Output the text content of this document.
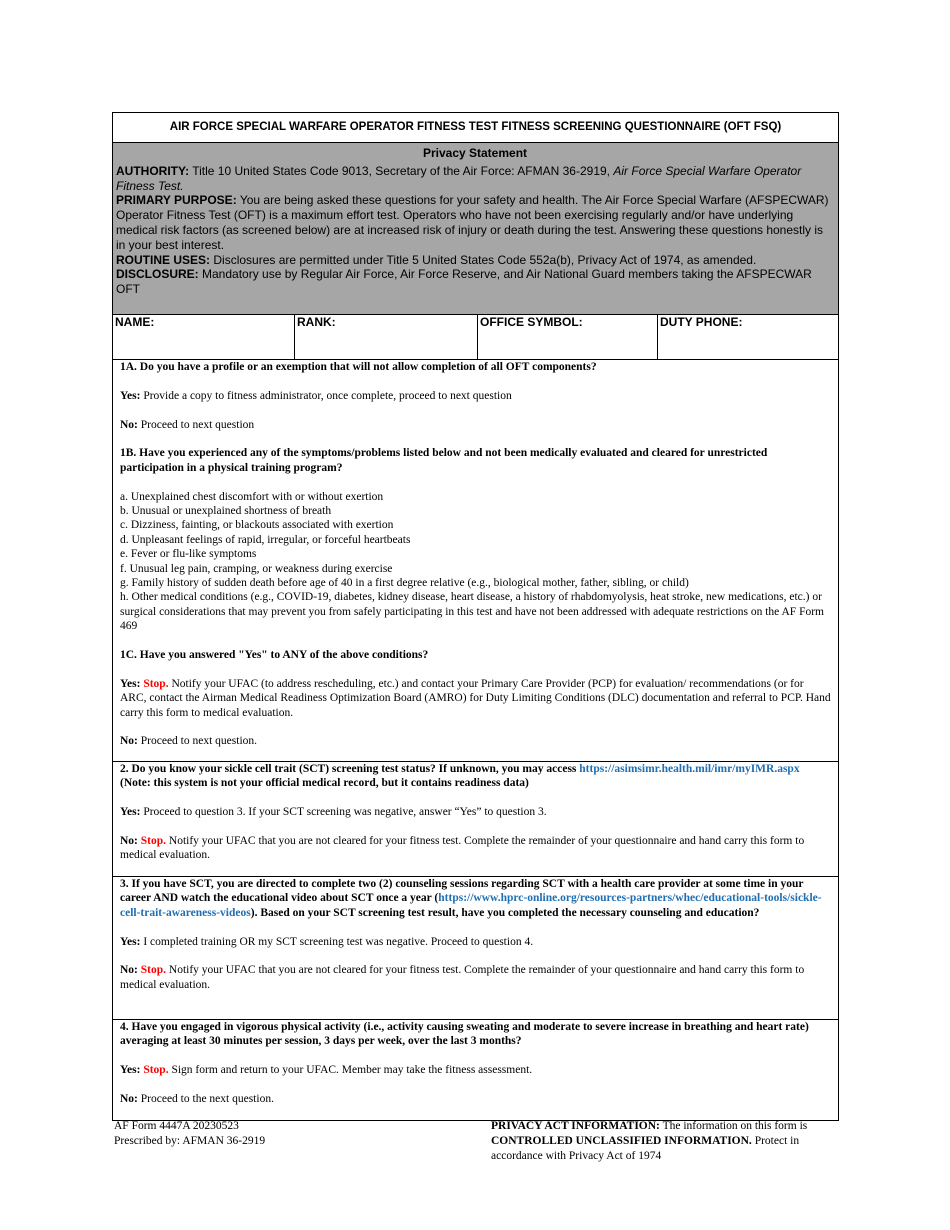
AIR FORCE SPECIAL WARFARE OPERATOR FITNESS TEST FITNESS SCREENING QUESTIONNAIRE (OFT FSQ)
Privacy Statement

AUTHORITY: Title 10 United States Code 9013, Secretary of the Air Force: AFMAN 36-2919, Air Force Special Warfare Operator Fitness Test.

PRIMARY PURPOSE: You are being asked these questions for your safety and health. The Air Force Special Warfare (AFSPECWAR) Operator Fitness Test (OFT) is a maximum effort test. Operators who have not been exercising regularly and/or have underlying medical risk factors (as screened below) are at increased risk of injury or death during the test. Answering these questions honestly is in your best interest.

ROUTINE USES: Disclosures are permitted under Title 5 United States Code 552a(b), Privacy Act of 1974, as amended.

DISCLOSURE: Mandatory use by Regular Air Force, Air Force Reserve, and Air National Guard members taking the AFSPECWAR OFT

NAME:	RANK:	OFFICE SYMBOL:	DUTY PHONE:

1A. Do you have a profile or an exemption that will not allow completion of all OFT components?

Yes: Provide a copy to fitness administrator, once complete, proceed to next question

No: Proceed to next question

1B. Have you experienced any of the symptoms/problems listed below and not been medically evaluated and cleared for unrestricted participation in a physical training program?

a. Unexplained chest discomfort with or without exertion

b. Unusual or unexplained shortness of breath

c. Dizziness, fainting, or blackouts associated with exertion

d. Unpleasant feelings of rapid, irregular, or forceful heartbeats

e. Fever or flu-like symptoms

f. Unusual leg pain, cramping, or weakness during exercise

g. Family history of sudden death before age of 40 in a first degree relative (e.g., biological mother, father, sibling, or child)

h. Other medical conditions (e.g., COVID-19, diabetes, kidney disease, heart disease, a history of rhabdomyolysis, heat stroke, new medications, etc.) or surgical considerations that may prevent you from safely participating in this test and have not been addressed with adequate restrictions on the AF Form 469

1C. Have you answered "Yes" to ANY of the above conditions?

Yes: Stop. Notify your UFAC (to address rescheduling, etc.) and contact your Primary Care Provider (PCP) for evaluation/ recommendations (or for ARC, contact the Airman Medical Readiness Optimization Board (AMRO) for Duty Limiting Conditions (DLC) documentation and referral to PCP. Hand carry this form to medical evaluation.

No: Proceed to next question.

2. Do you know your sickle cell trait (SCT) screening test status? If unknown, you may access https://asimsimr.health.mil/imr/myIMR.aspx (Note: this system is not your official medical record, but it contains readiness data)

Yes: Proceed to question 3. If your SCT screening was negative, answer “Yes” to question 3.

No: Stop. Notify your UFAC that you are not cleared for your fitness test. Complete the remainder of your questionnaire and hand carry this form to medical evaluation.

3. If you have SCT, you are directed to complete two (2) counseling sessions regarding SCT with a health care provider at some time in your career AND watch the educational video about SCT once a year (https://www.hprc-online.org/resources-partners/whec/educational-tools/sickle-cell-trait-awareness-videos). Based on your SCT screening test result, have you completed the necessary counseling and education?

Yes: I completed training OR my SCT screening test was negative. Proceed to question 4.

No: Stop. Notify your UFAC that you are not cleared for your fitness test. Complete the remainder of your questionnaire and hand carry this form to medical evaluation.

4. Have you engaged in vigorous physical activity (i.e., activity causing sweating and moderate to severe increase in breathing and heart rate) averaging at least 30 minutes per session, 3 days per week, over the last 3 months?

Yes: Stop. Sign form and return to your UFAC. Member may take the fitness assessment.

No: Proceed to the next question.

AF Form 4447A 20230523
Prescribed by: AFMAN 36-2919
PRIVACY ACT INFORMATION: The information on this form is CONTROLLED UNCLASSIFIED INFORMATION. Protect in accordance with Privacy Act of 1974
